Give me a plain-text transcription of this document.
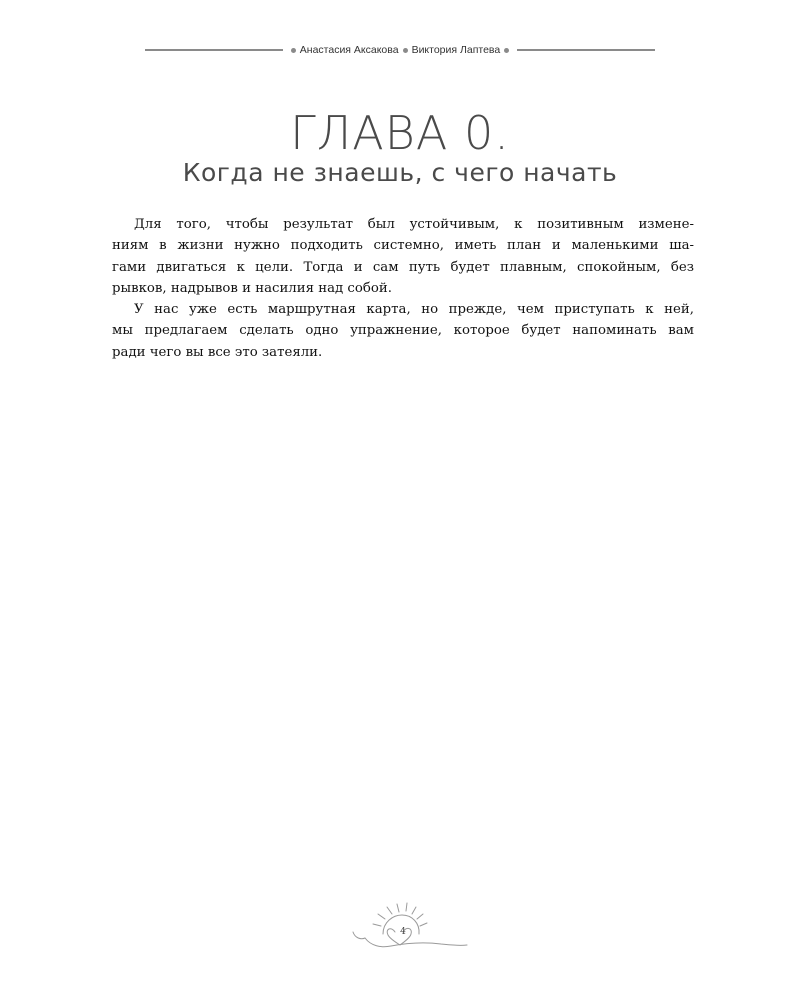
Анастасия Аксакова Виктория Лаптева
ГЛАВА 0.
Когда не знаешь, с чего начать
Для того, чтобы результат был устойчивым, к позитивным измене-
ниям в жизни нужно подходить системно, иметь план и маленькими ша-
гами двигаться к цели. Тогда и сам путь будет плавным, спокойным, без
рывков, надрывов и насилия над собой.
У нас уже есть маршрутная карта, но прежде, чем приступать к ней,
мы предлагаем сделать одно упражнение, которое будет напоминать вам
ради чего вы все это затеяли.
4
